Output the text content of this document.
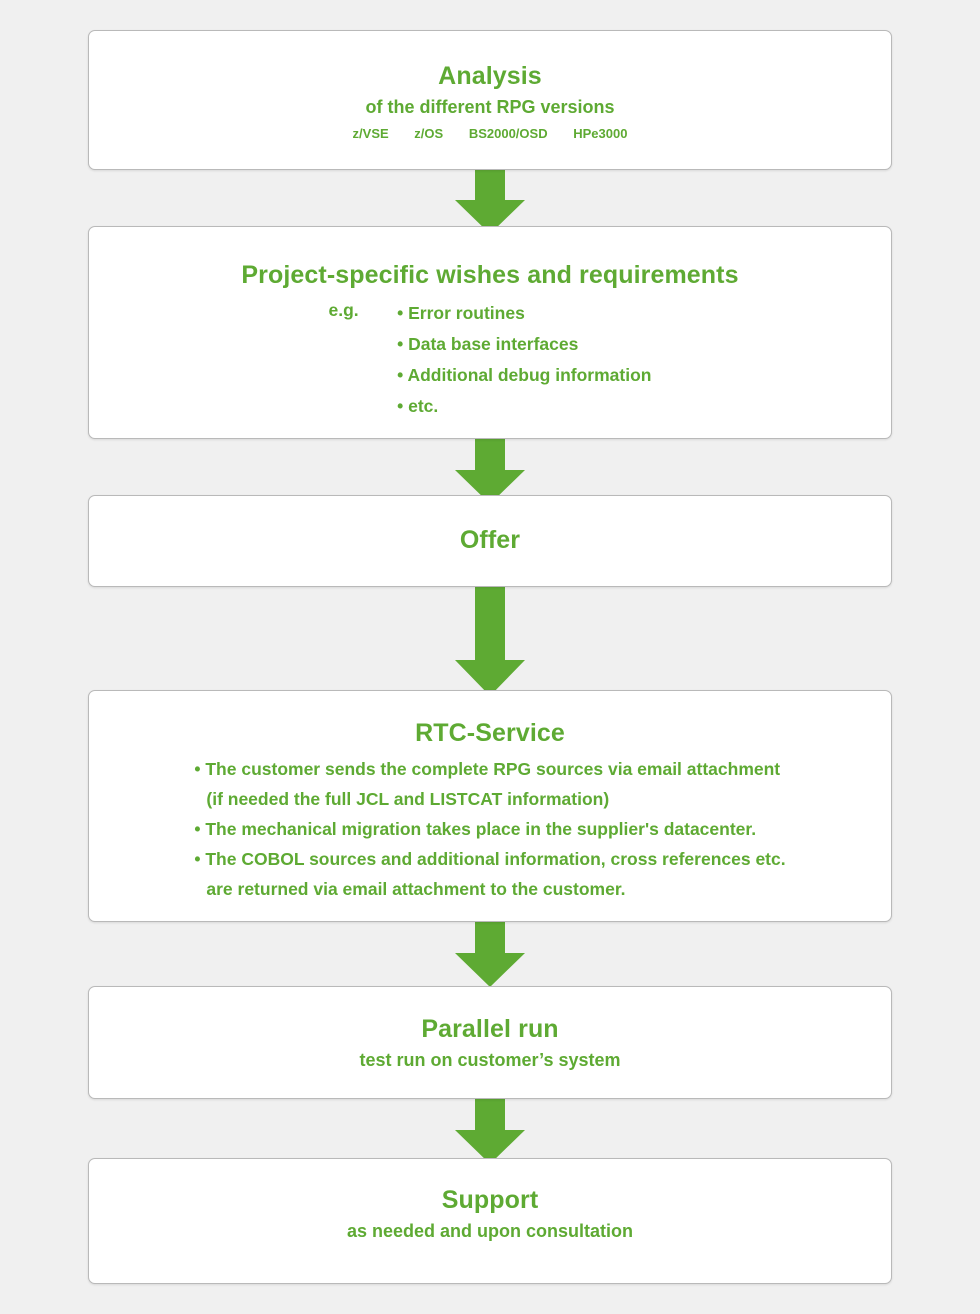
Analysis
of the different RPG versions
z/VSE z/OS BS2000/OSD HPe3000
Project-specific wishes and requirements
e.g. • Error routines
• Data base interfaces
• Additional debug information
• etc.
Offer
RTC-Service
• The customer sends the complete RPG sources via email attachment
(if needed the full JCL and LISTCAT information)
• The mechanical migration takes place in the supplier's datacenter.
• The COBOL sources and additional information, cross references etc.
are returned via email attachment to the customer.
Parallel run
test run on customer’s system
Support
as needed and upon consultation
